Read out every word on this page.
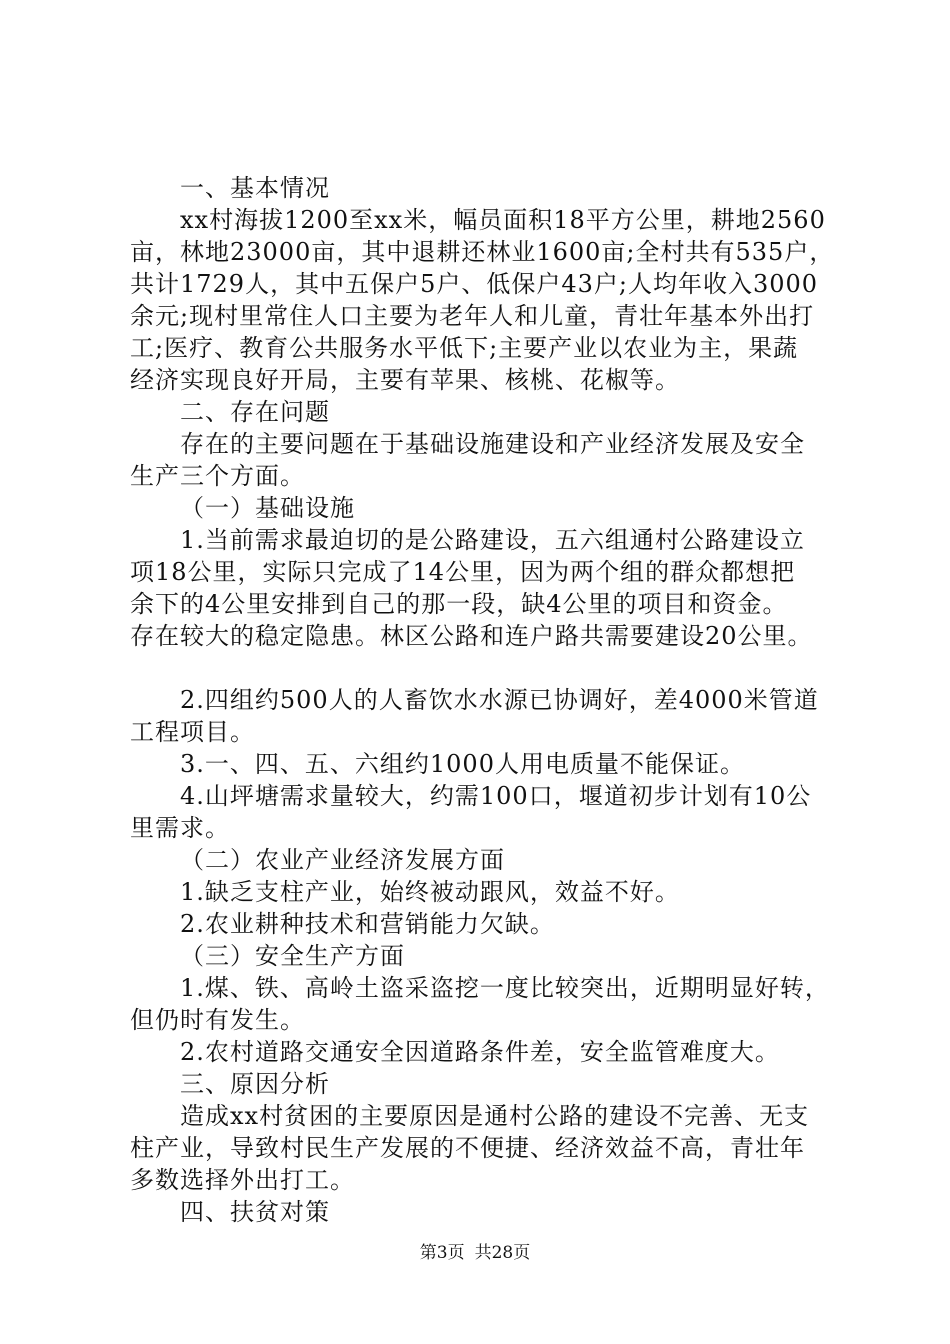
一、基本情况
xx村海拔1200至xx米，幅员面积18平方公里，耕地2560
亩，林地23000亩，其中退耕还林业1600亩;全村共有535户，
共计1729人，其中五保户5户、低保户43户;人均年收入3000
余元;现村里常住人口主要为老年人和儿童，青壮年基本外出打
工;医疗、教育公共服务水平低下;主要产业以农业为主，果蔬
经济实现良好开局，主要有苹果、核桃、花椒等。
二、存在问题
存在的主要问题在于基础设施建设和产业经济发展及安全
生产三个方面。
（一）基础设施
1.当前需求最迫切的是公路建设，五六组通村公路建设立
项18公里，实际只完成了14公里，因为两个组的群众都想把
余下的4公里安排到自己的那一段，缺4公里的项目和资金。
存在较大的稳定隐患。林区公路和连户路共需要建设20公里。
2.四组约500人的人畜饮水水源已协调好，差4000米管道
工程项目。
3.一、四、五、六组约1000人用电质量不能保证。
4.山坪塘需求量较大，约需100口，堰道初步计划有10公
里需求。
（二）农业产业经济发展方面
1.缺乏支柱产业，始终被动跟风，效益不好。
2.农业耕种技术和营销能力欠缺。
（三）安全生产方面
1.煤、铁、高岭土盗采盗挖一度比较突出，近期明显好转，
但仍时有发生。
2.农村道路交通安全因道路条件差，安全监管难度大。
三、原因分析
造成xx村贫困的主要原因是通村公路的建设不完善、无支
柱产业，导致村民生产发展的不便捷、经济效益不高，青壮年
多数选择外出打工。
四、扶贫对策
第3页 共28页
